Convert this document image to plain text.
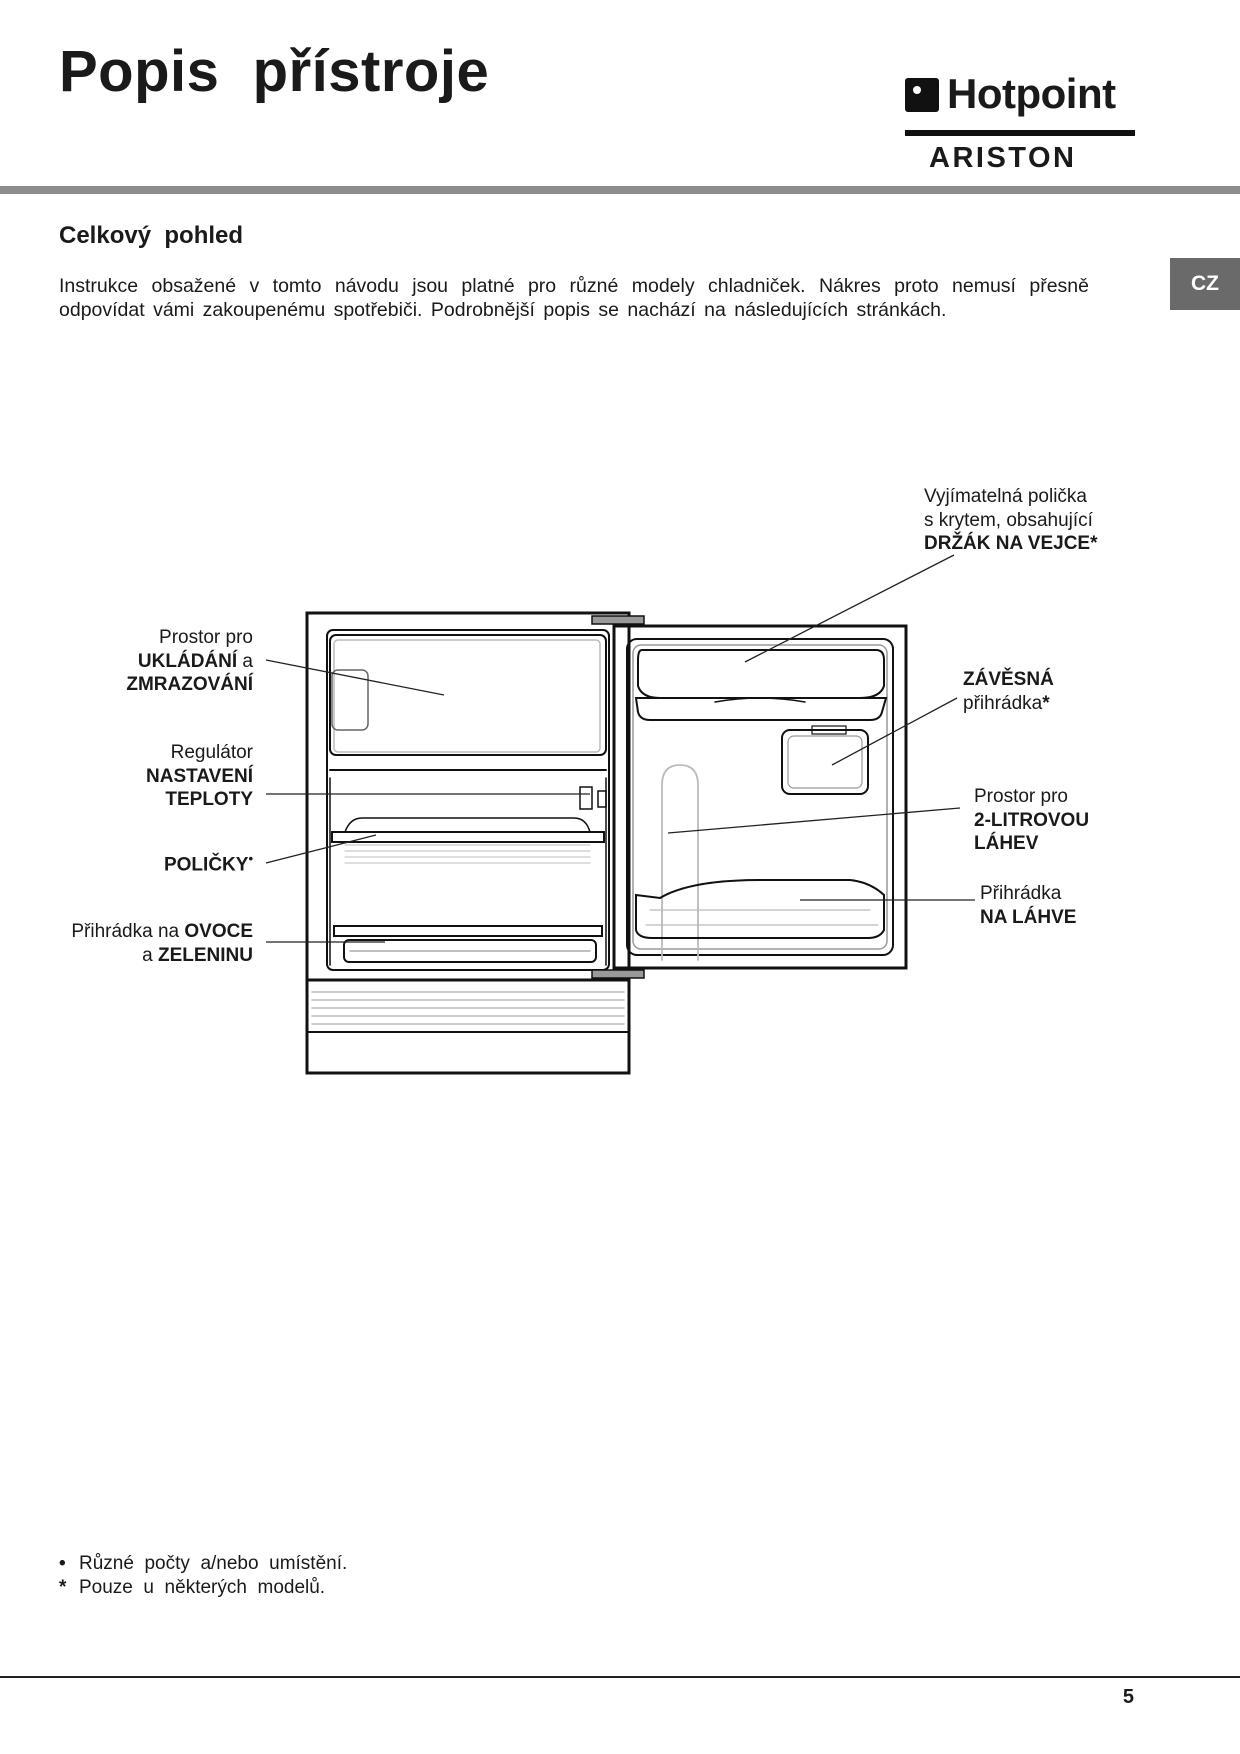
Popis  přístroje	Hotpoint
ARISTON
CZ
Celkový  pohled
Instrukce obsažené v tomto návodu jsou platné pro různé modely chladniček. Nákres proto nemusí přesně odpovídat vámi zakoupenému spotřebiči. Podrobnější popis se nachází na následujících stránkách.
Prostor pro
UKLÁDÁNÍ a
ZMRAZOVÁNÍ
Regulátor
NASTAVENÍ
TEPLOTY
POLIČKY•
Přihrádka na OVOCE
a ZELENINU
Vyjímatelná polička
s krytem, obsahující
DRŽÁK NA VEJCE*
ZÁVĚSNÁ
přihrádka*
Prostor pro
2-LITROVOU
LÁHEV
Přihrádka
NA LÁHVE
• Různé  počty  a/nebo  umístění.
* Pouze  u  některých  modelů.
5
